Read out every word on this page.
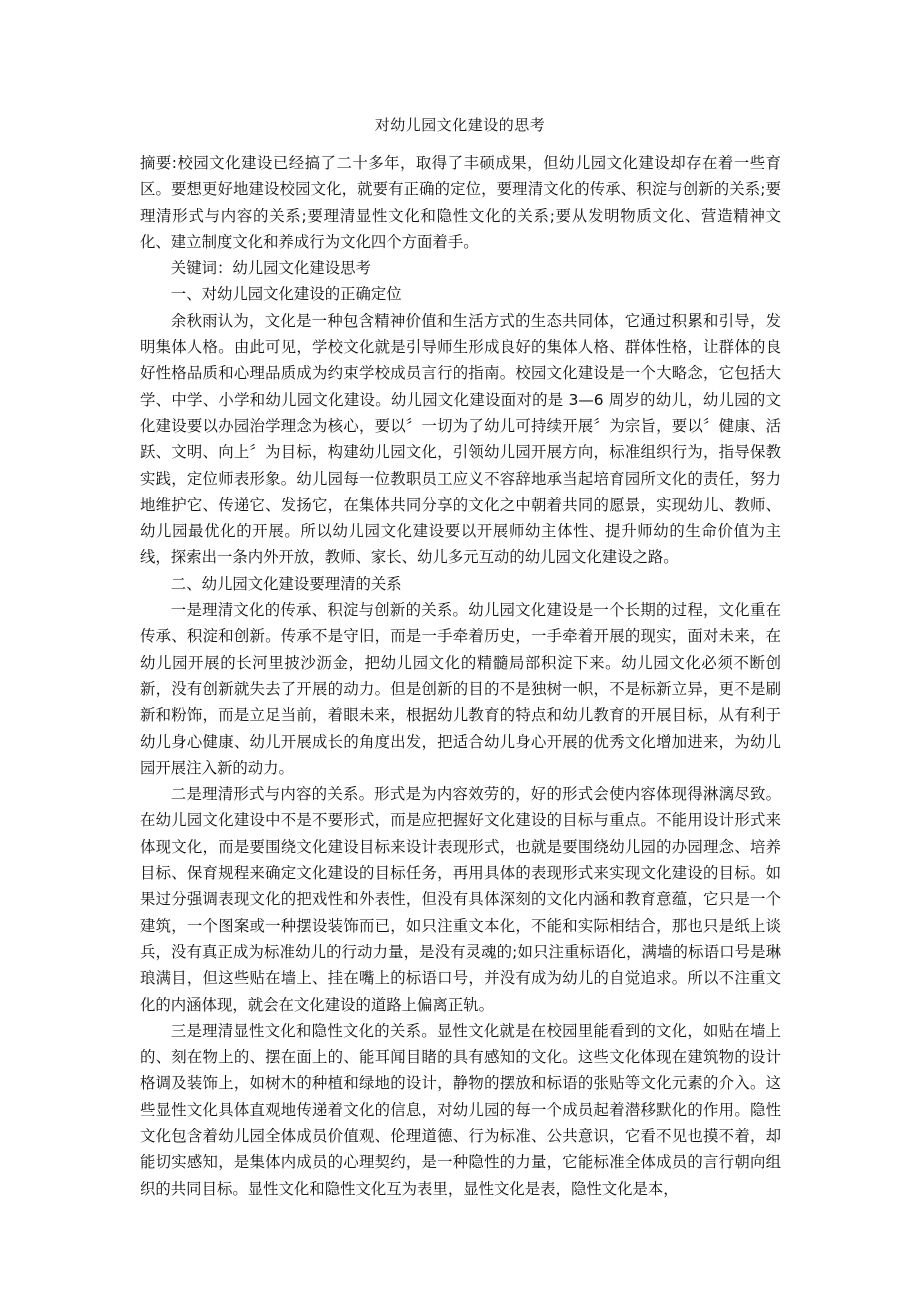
对幼儿园文化建设的思考

摘要:校园文化建设已经搞了二十多年，取得了丰硕成果，但幼儿园文化建设却存在着一些育区。要想更好地建设校园文化，就要有正确的定位，要理清文化的传承、积淀与创新的关系;要理清形式与内容的关系;要理清显性文化和隐性文化的关系;要从发明物质文化、营造精神文化、建立制度文化和养成行为文化四个方面着手。

关键词：幼儿园文化建设思考

一、对幼儿园文化建设的正确定位

余秋雨认为，文化是一种包含精神价值和生活方式的生态共同体，它通过积累和引导，发明集体人格。由此可见，学校文化就是引导师生形成良好的集体人格、群体性格，让群体的良好性格品质和心理品质成为约束学校成员言行的指南。校园文化建设是一个大略念，它包括大学、中学、小学和幼儿园文化建设。幼儿园文化建设面对的是 3—6 周岁的幼儿，幼儿园的文化建设要以办园治学理念为核心，要以〞一切为了幼儿可持续开展〞为宗旨，要以〞健康、活跃、文明、向上〞为目标，构建幼儿园文化，引领幼儿园开展方向，标准组织行为，指导保教实践，定位师表形象。幼儿园每一位教职员工应义不容辞地承当起培育园所文化的责任，努力地维护它、传递它、发扬它，在集体共同分享的文化之中朝着共同的愿景，实现幼儿、教师、幼儿园最优化的开展。所以幼儿园文化建设要以开展师幼主体性、提升师幼的生命价值为主线，探索出一条内外开放，教师、家长、幼儿多元互动的幼儿园文化建设之路。

二、幼儿园文化建设要理清的关系

一是理清文化的传承、积淀与创新的关系。幼儿园文化建设是一个长期的过程，文化重在传承、积淀和创新。传承不是守旧，而是一手牵着历史，一手牵着开展的现实，面对未来，在幼儿园开展的长河里披沙沥金，把幼儿园文化的精髓局部积淀下来。幼儿园文化必须不断创新，没有创新就失去了开展的动力。但是创新的目的不是独树一帜，不是标新立异，更不是刷新和粉饰，而是立足当前，着眼未来，根据幼儿教育的特点和幼儿教育的开展目标，从有利于幼儿身心健康、幼儿开展成长的角度出发，把适合幼儿身心开展的优秀文化增加进来，为幼儿园开展注入新的动力。

二是理清形式与内容的关系。形式是为内容效劳的，好的形式会使内容体现得淋漓尽致。在幼儿园文化建设中不是不要形式，而是应把握好文化建设的目标与重点。不能用设计形式来体现文化，而是要围绕文化建设目标来设计表现形式，也就是要围绕幼儿园的办园理念、培养目标、保育规程来确定文化建设的目标任务，再用具体的表现形式来实现文化建设的目标。如果过分强调表现文化的把戏性和外表性，但没有具体深刻的文化内涵和教育意蕴，它只是一个建筑，一个图案或一种摆设装饰而已，如只注重文本化，不能和实际相结合，那也只是纸上谈兵，没有真正成为标准幼儿的行动力量，是没有灵魂的;如只注重标语化，满墙的标语口号是琳琅满目，但这些贴在墙上、挂在嘴上的标语口号，并没有成为幼儿的自觉追求。所以不注重文化的内涵体现，就会在文化建设的道路上偏离正轨。

三是理清显性文化和隐性文化的关系。显性文化就是在校园里能看到的文化，如贴在墙上的、刻在物上的、摆在面上的、能耳闻目睹的具有感知的文化。这些文化体现在建筑物的设计格调及装饰上，如树木的种植和绿地的设计，静物的摆放和标语的张贴等文化元素的介入。这些显性文化具体直观地传递着文化的信息，对幼儿园的每一个成员起着潜移默化的作用。隐性文化包含着幼儿园全体成员价值观、伦理道德、行为标准、公共意识，它看不见也摸不着，却能切实感知，是集体内成员的心理契约，是一种隐性的力量，它能标准全体成员的言行朝向组织的共同目标。显性文化和隐性文化互为表里，显性文化是表，隐性文化是本，
